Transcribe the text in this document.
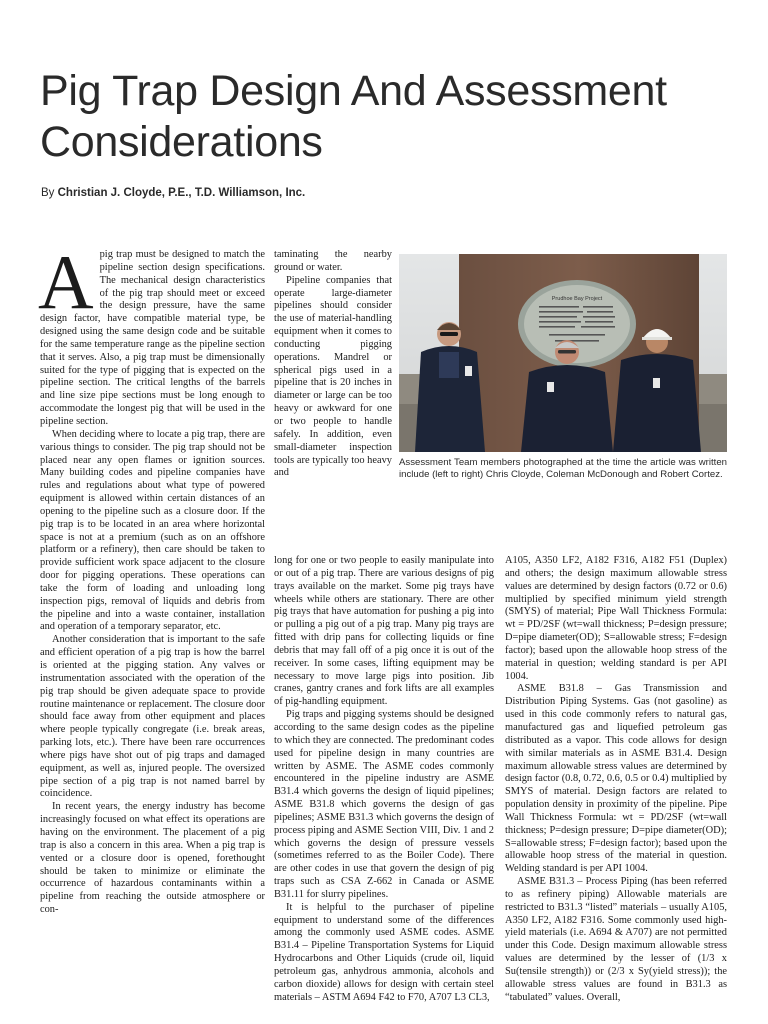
Pig Trap Design And Assessment Considerations
By Christian J. Cloyde, P.E., T.D. Williamson, Inc.

Apig trap must be designed to match the pipeline section design specifications. The mechanical design characteristics of the pig trap should meet or exceed the design pressure, have the same design factor, have compatible material type, be designed using the same design code and be suitable for the same temperature range as the pipeline section that it serves. Also, a pig trap must be dimensionally suited for the type of pigging that is expected on the pipeline section. The critical lengths of the barrels and line size pipe sections must be long enough to accommodate the longest pig that will be used in the pipeline section.

When deciding where to locate a pig trap, there are various things to consider. The pig trap should not be placed near any open flames or ignition sources. Many building codes and pipeline companies have rules and regulations about what type of powered equipment is allowed within certain distances of an opening to the pipeline such as a closure door. If the pig trap is to be located in an area where horizontal space is not at a premium (such as on an offshore platform or a refinery), then care should be taken to provide sufficient work space adjacent to the closure door for pigging operations. These operations can take the form of loading and unloading long inspection pigs, removal of liquids and debris from the pipeline and into a waste container, installation and operation of a temporary separator, etc.

Another consideration that is important to the safe and efficient operation of a pig trap is how the barrel is oriented at the pigging station. Any valves or instrumentation associated with the operation of the pig trap should be given adequate space to provide routine maintenance or replacement. The closure door should face away from other equipment and places where people typically congregate (i.e. break areas, parking lots, etc.). There have been rare occurrences where pigs have shot out of pig traps and damaged equipment, as well as, injured people. The oversized pipe section of a pig trap is not named barrel by coincidence.

In recent years, the energy industry has become increasingly focused on what effect its operations are having on the environment. The placement of a pig trap is also a concern in this area. When a pig trap is vented or a closure door is opened, forethought should be taken to minimize or eliminate the occurrence of hazardous contaminants within a pipeline from reaching the outside atmosphere or con-

taminating the nearby ground or water.

Pipeline companies that operate large-diameter pipelines should consider the use of material-handling equipment when it comes to conducting pigging operations. Mandrel or spherical pigs used in a pipeline that is 20 inches in diameter or large can be too heavy or awkward for one or two people to handle safely. In addition, even small-diameter inspection tools are typically too heavy and

Prudhoe Bay Project
Assessment Team members photographed at the time the article was written include (left to right) Chris Cloyde, Coleman McDonough and Robert Cortez.

long for one or two people to easily manipulate into or out of a pig trap. There are various designs of pig trays available on the market. Some pig trays have wheels while others are stationary. There are other pig trays that have automation for pushing a pig into or pulling a pig out of a pig trap. Many pig trays are fitted with drip pans for collecting liquids or fine debris that may fall off of a pig once it is out of the receiver. In some cases, lifting equipment may be necessary to move large pigs into position. Jib cranes, gantry cranes and fork lifts are all examples of pig-handling equipment.

Pig traps and pigging systems should be designed according to the same design codes as the pipeline to which they are connected. The predominant codes used for pipeline design in many countries are written by ASME. The ASME codes commonly encountered in the pipeline industry are ASME B31.4 which governs the design of liquid pipelines; ASME B31.8 which governs the design of gas pipelines; ASME B31.3 which governs the design of process piping and ASME Section VIII, Div. 1 and 2 which governs the design of pressure vessels (sometimes referred to as the Boiler Code). There are other codes in use that govern the design of pig traps such as CSA Z-662 in Canada or ASME B31.11 for slurry pipelines.

It is helpful to the purchaser of pipeline equipment to understand some of the differences among the commonly used ASME codes. ASME B31.4 – Pipeline Transportation Systems for Liquid Hydrocarbons and Other Liquids (crude oil, liquid petroleum gas, anhydrous ammonia, alcohols and carbon dioxide) allows for design with certain steel materials – ASTM A694 F42 to F70, A707 L3 CL3,

A105, A350 LF2, A182 F316, A182 F51 (Duplex) and others; the design maximum allowable stress values are determined by design factors (0.72 or 0.6) multiplied by specified minimum yield strength (SMYS) of material; Pipe Wall Thickness Formula: wt = PD/2SF (wt=wall thickness; P=design pressure; D=pipe diameter(OD); S=allowable stress; F=design factor); based upon the allowable hoop stress of the material in question; welding standard is per API 1004.

ASME B31.8 – Gas Transmission and Distribution Piping Systems. Gas (not gasoline) as used in this code commonly refers to natural gas, manufactured gas and liquefied petroleum gas distributed as a vapor. This code allows for design with similar materials as in ASME B31.4. Design maximum allowable stress values are determined by design factor (0.8, 0.72, 0.6, 0.5 or 0.4) multiplied by SMYS of material. Design factors are related to population density in proximity of the pipeline. Pipe Wall Thickness Formula: wt = PD/2SF (wt=wall thickness; P=design pressure; D=pipe diameter(OD); S=allowable stress; F=design factor); based upon the allowable hoop stress of the material in question. Welding standard is per API 1004.

ASME B31.3 – Process Piping (has been referred to as refinery piping) Allowable materials are restricted to B31.3 “listed” materials – usually A105, A350 LF2, A182 F316. Some commonly used high-yield materials (i.e. A694 & A707) are not permitted under this Code. Design maximum allowable stress values are determined by the lesser of (1/3 x Su(tensile strength)) or (2/3 x Sy(yield stress)); the allowable stress values are found in B31.3 as “tabulated” values. Overall,
